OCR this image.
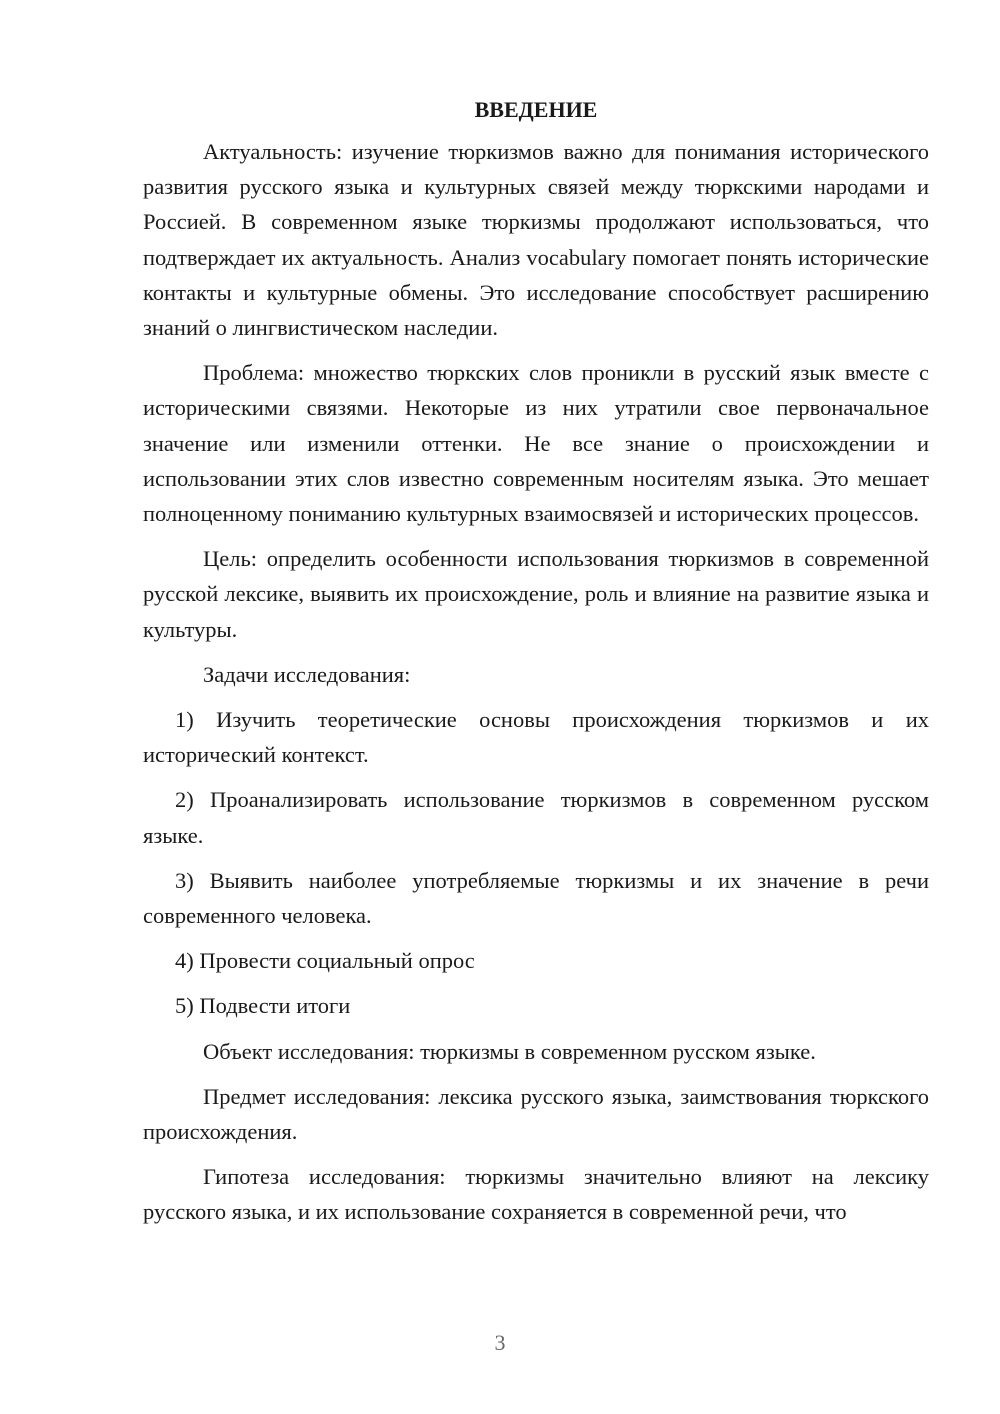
ВВЕДЕНИЕ

Актуальность: изучение тюркизмов важно для понимания исторического развития русского языка и культурных связей между тюркскими народами и Россией. В современном языке тюркизмы продолжают использоваться, что подтверждает их актуальность. Анализ vocabulary помогает понять исторические контакты и культурные обмены. Это исследование способствует расширению знаний о лингвистическом наследии.

Проблема: множество тюркских слов проникли в русский язык вместе с историческими связями. Некоторые из них утратили свое первоначальное значение или изменили оттенки. Не все знание о происхождении и использовании этих слов известно современным носителям языка. Это мешает полноценному пониманию культурных взаимосвязей и исторических процессов.

Цель: определить особенности использования тюркизмов в современной русской лексике, выявить их происхождение, роль и влияние на развитие языка и культуры.

Задачи исследования:

1) Изучить теоретические основы происхождения тюркизмов и их исторический контекст.

2) Проанализировать использование тюркизмов в современном русском языке.

3) Выявить наиболее употребляемые тюркизмы и их значение в речи современного человека.

4) Провести социальный опрос

5) Подвести итоги

Объект исследования: тюркизмы в современном русском языке.

Предмет исследования: лексика русского языка, заимствования тюркского происхождения.

Гипотеза исследования: тюркизмы значительно влияют на лексику русского языка, и их использование сохраняется в современной речи, что

3
